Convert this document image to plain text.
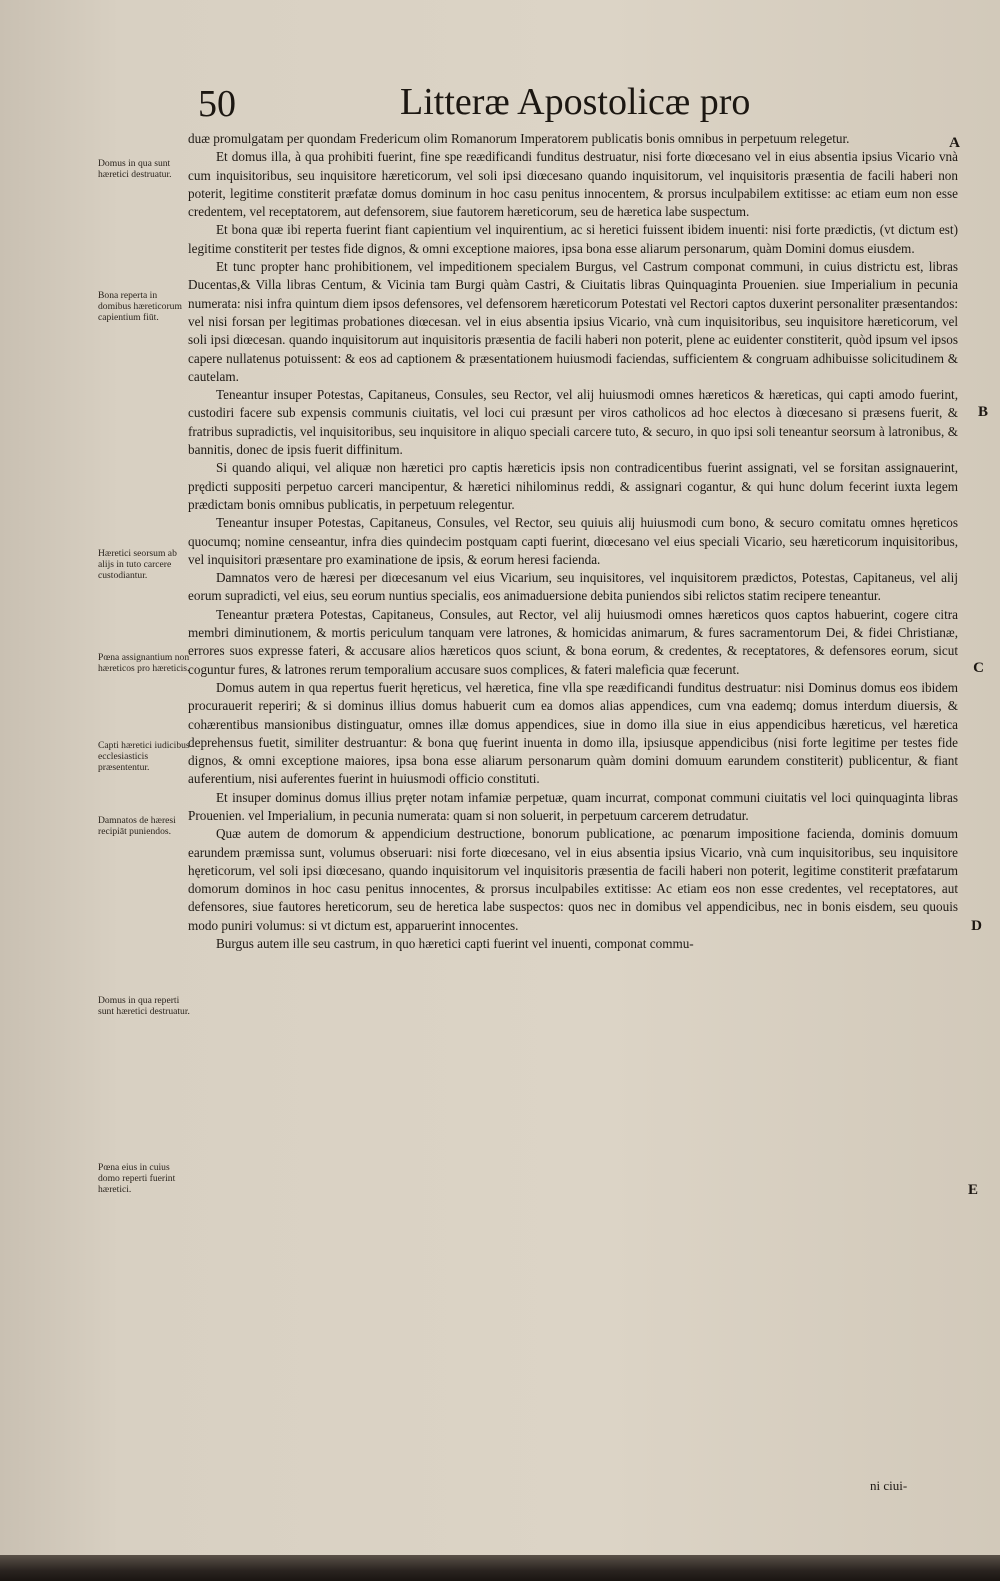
50	Litteræ Apostolicæ pro

duæ promulgatam per quondam Fredericum olim Romanorum Imperatorem publicatis bonis omnibus in perpetuum relegetur.

Et domus illa, à qua prohibiti fuerint, fine spe reædificandi funditus destruatur, nisi forte diœcesano vel in eius absentia ipsius Vicario vnà cum inquisitoribus, seu inquisitore hæreticorum, vel soli ipsi diœcesano quando inquisitorum, vel inquisitoris præsentia de facili haberi non poterit, legitime constiterit præfatæ domus dominum in hoc casu penitus innocentem, & prorsus inculpabilem extitisse: ac etiam eum non esse credentem, vel receptatorem, aut defensorem, siue fautorem hæreticorum, seu de hæretica labe suspectum.

Et bona quæ ibi reperta fuerint fiant capientium vel inquirentium, ac si heretici fuissent ibidem inuenti: nisi forte prædictis, (vt dictum est) legitime constiterit per testes fide dignos, & omni exceptione maiores, ipsa bona esse aliarum personarum, quàm Domini domus eiusdem.

Et tunc propter hanc prohibitionem, vel impeditionem specialem Burgus, vel Castrum componat communi, in cuius districtu est, libras Ducentas,& Villa libras Centum, & Vicinia tam Burgi quàm Castri, & Ciuitatis libras Quinquaginta Prouenien. siue Imperialium in pecunia numerata: nisi infra quintum diem ipsos defensores, vel defensorem hæreticorum Potestati vel Rectori captos duxerint personaliter præsentandos: vel nisi forsan per legitimas probationes diœcesan. vel in eius absentia ipsius Vicario, vnà cum inquisitoribus, seu inquisitore hæreticorum, vel soli ipsi diœcesan. quando inquisitorum aut inquisitoris præsentia de facili haberi non poterit, plene ac euidenter constiterit, quòd ipsum vel ipsos capere nullatenus potuissent: & eos ad captionem & præsentationem huiusmodi faciendas, sufficientem & congruam adhibuisse solicitudinem & cautelam.

Teneantur insuper Potestas, Capitaneus, Consules, seu Rector, vel alij huiusmodi omnes hæreticos & hæreticas, qui capti amodo fuerint, custodiri facere sub expensis communis ciuitatis, vel loci cui præsunt per viros catholicos ad hoc electos à diœcesano si præsens fuerit, & fratribus supradictis, vel inquisitoribus, seu inquisitore in aliquo speciali carcere tuto, & securo, in quo ipsi soli teneantur seorsum à latronibus, & bannitis, donec de ipsis fuerit diffinitum.

Si quando aliqui, vel aliquæ non hæretici pro captis hæreticis ipsis non contradicentibus fuerint assignati, vel se forsitan assignauerint, prędicti suppositi perpetuo carceri mancipentur, & hæretici nihilominus reddi, & assignari cogantur, & qui hunc dolum fecerint iuxta legem prædictam bonis omnibus publicatis, in perpetuum relegentur.

Teneantur insuper Potestas, Capitaneus, Consules, vel Rector, seu quiuis alij huiusmodi cum bono, & securo comitatu omnes hęreticos quocumq; nomine censeantur, infra dies quindecim postquam capti fuerint, diœcesano vel eius speciali Vicario, seu hæreticorum inquisitoribus, vel inquisitori præsentare pro examinatione de ipsis, & eorum heresi facienda.

Damnatos vero de hæresi per diœcesanum vel eius Vicarium, seu inquisitores, vel inquisitorem prædictos, Potestas, Capitaneus, vel alij eorum supradicti, vel eius, seu eorum nuntius specialis, eos animaduersione debita puniendos sibi relictos statim recipere teneantur.

Teneantur prætera Potestas, Capitaneus, Consules, aut Rector, vel alij huiusmodi omnes hæreticos quos captos habuerint, cogere citra membri diminutionem, & mortis periculum tanquam vere latrones, & homicidas animarum, & fures sacramentorum Dei, & fidei Christianæ, errores suos expresse fateri, & accusare alios hæreticos quos sciunt, & bona eorum, & credentes, & receptatores, & defensores eorum, sicut coguntur fures, & latrones rerum temporalium accusare suos complices, & fateri malefìcia quæ fecerunt.

Domus autem in qua repertus fuerit hęreticus, vel hæretica, fine vlla spe reædificandi funditus destruatur: nisi Dominus domus eos ibidem procurauerit reperiri; & si dominus illius domus habuerit cum ea domos alias appendices, cum vna eademq; domus interdum diuersis, & cohærentibus mansionibus distinguatur, omnes illæ domus appendices, siue in domo illa siue in eius appendicibus hæreticus, vel hæretica deprehensus fuetit, similiter destruantur: & bona quę fuerint inuenta in domo illa, ipsiusque appendicibus (nisi forte legitime per testes fide dignos, & omni exceptione maiores, ipsa bona esse aliarum personarum quàm domini domuum earundem constiterit) publicentur, & fiant auferentium, nisi auferentes fuerint in huiusmodi officio constituti.

Et insuper dominus domus illius pręter notam infamiæ perpetuæ, quam incurrat, componat communi ciuitatis vel loci quinquaginta libras Prouenien. vel Imperialium, in pecunia numerata: quam si non soluerit, in perpetuum carcerem detrudatur.

Quæ autem de domorum & appendicium destructione, bonorum publicatione, ac pœnarum impositione facienda, dominis domuum earundem præmissa sunt, volumus obseruari: nisi forte diœcesano, vel in eius absentia ipsius Vicario, vnà cum inquisitoribus, seu inquisitore hęreticorum, vel soli ipsi diœcesano, quando inquisitorum vel inquisitoris præsentia de facili haberi non poterit, legitime constiterit præfatarum domorum dominos in hoc casu penitus innocentes, & prorsus inculpabiles extitisse: Ac etiam eos non esse credentes, vel receptatores, aut defensores, siue fautores hereticorum, seu de heretica labe suspectos: quos nec in domibus vel appendicibus, nec in bonis eisdem, seu quouis modo puniri volumus: si vt dictum est, apparuerint innocentes.

Burgus autem ille seu castrum, in quo hæretici capti fuerint vel inuenti, componat commu-

Domus in qua sunt hæretici destruatur.
Bona reperta in domibus hæreticorum capientium fiūt.
Hæretici seorsum ab alijs in tuto carcere custodiantur.
Pœna assignantium non hæreticos pro hæreticis.
Capti hæretici iudicibus ecclesiasticis præsententur.
Damnatos de hæresi recipiāt puniendos.
Domus in qua reperti sunt hæretici destruatur.
Pœna eius in cuius domo reperti fuerint hæretici.
A
B
C
D
E
ni ciui-
